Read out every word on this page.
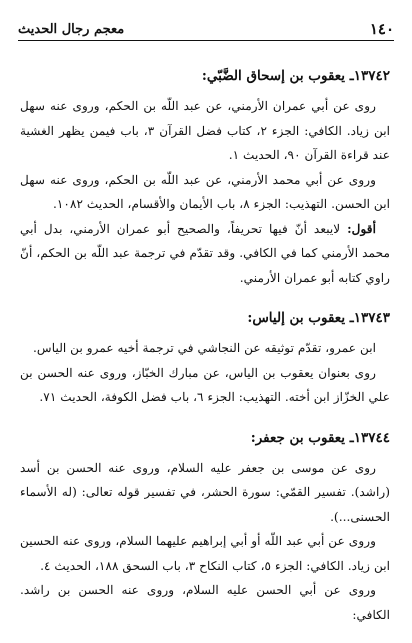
١٤٠
معجم رجال الحديث
١٣٧٤٢ـ يعقوب بن إسحاق الضَّبّي:

روى عن أبي عمران الأرمني، عن عبد اللّه بن الحكم، وروى عنه سهل ابن زياد. الكافي: الجزء ٢، كتاب فضل القرآن ٣، باب فيمن يظهر الغشية عند قراءة القرآن ٩٠، الحديث ١.

وروى عن أبي محمد الأرمني، عن عبد اللّه بن الحكم، وروى عنه سهل ابن الحسن. التهذيب: الجزء ٨، باب الأيمان والأقسام، الحديث ١٠٨٢.

أقول: لايبعد أنّ فيها تحريفاً، والصحيح أبو عمران الأرمني، بدل أبي محمد الأرمني كما في الكافي. وقد تقدّم في ترجمة عبد اللّه بن الحكم، أنّ راوي كتابه أبو عمران الأرمني.

١٣٧٤٣ـ يعقوب بن إلياس:

ابن عمرو، تقدّم توثيقه عن النجاشي في ترجمة أخيه عمرو بن الياس.

روى بعنوان يعقوب بن الياس، عن مبارك الخبّاز، وروى عنه الحسن بن علي الخزّاز ابن أخته. التهذيب: الجزء ٦، باب فضل الكوفة، الحديث ٧١.

١٣٧٤٤ـ يعقوب بن جعفر:

روى عن موسى بن جعفر عليه السلام، وروى عنه الحسن بن أسد (راشد). تفسير القمّي: سورة الحشر، في تفسير قوله تعالى: (له الأسماء الحسنى...).

وروى عن أبي عبد اللّه أو أبي إبراهيم عليهما السلام، وروى عنه الحسين ابن زياد. الكافي: الجزء ٥، كتاب النكاح ٣، باب السحق ١٨٨، الحديث ٤.

وروى عن أبي الحسن عليه السلام، وروى عنه الحسن بن راشد. الكافي:
